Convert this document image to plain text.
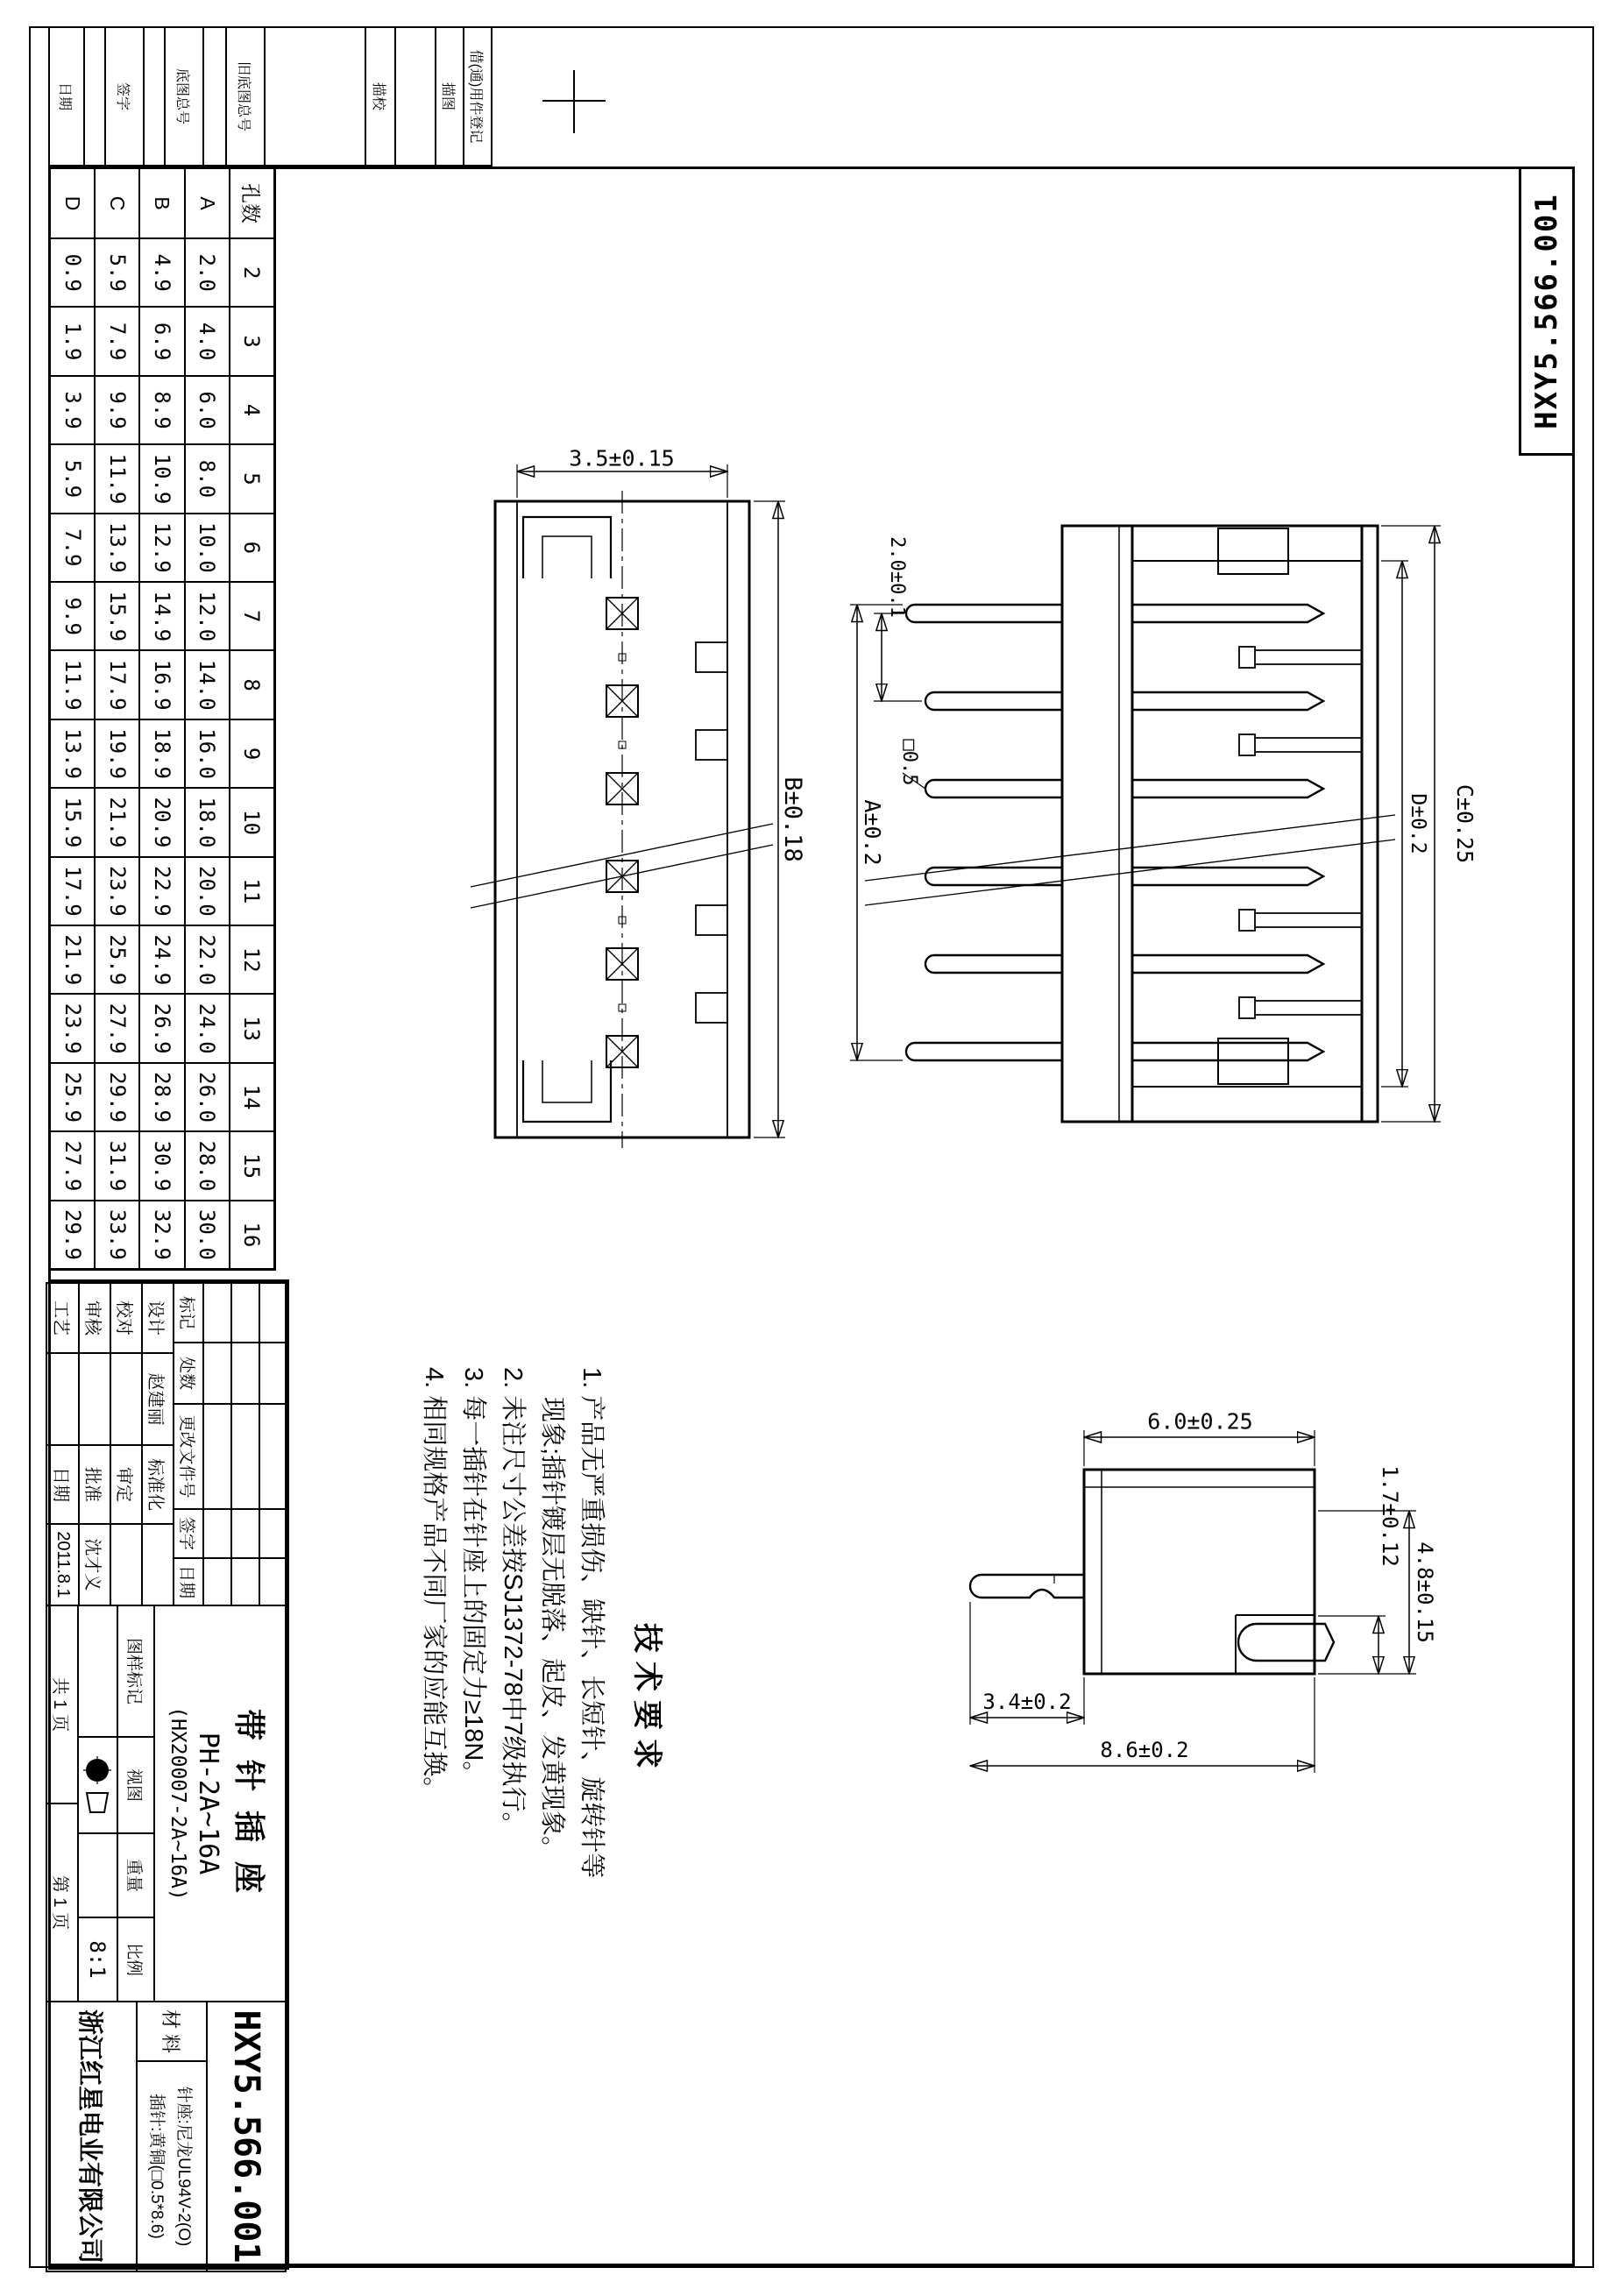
HXY5.566.001
借(通)用件登记
描图
描校
旧底图总号
底图总号
签字
日期
B±0.18
3.5±0.15
C±0.25
D±0.2
2.0±0.1
□0.5
A±0.2
6.0±0.25
4.8±0.15
1.7±0.12
3.4±0.2
8.6±0.2
技术要求
1. 产品无严重损伤、缺针、长短针、旋转针等
现象;插针镀层无脱落、起皮、发黄现象。
2. 未注尺寸公差按SJ1372-78中7级执行。
3. 每一插针在针座上的固定力≥18N。
4. 相同规格产品不同厂家的应能互换。
孔数
2
3
4
5
6
7
8
9
10
11
12
13
14
15
16
A
2.0
4.0
6.0
8.0
10.0
12.0
14.0
16.0
18.0
20.0
22.0
24.0
26.0
28.0
30.0
B
4.9
6.9
8.9
10.9
12.9
14.9
16.9
18.9
20.9
22.9
24.9
26.9
28.9
30.9
32.9
C
5.9
7.9
9.9
11.9
13.9
15.9
17.9
19.9
21.9
23.9
25.9
27.9
29.9
31.9
33.9
D
0.9
1.9
3.9
5.9
7.9
9.9
11.9
13.9
15.9
17.9
21.9
23.9
25.9
27.9
29.9
标记
处数
更改文件号
签字
日期
设计
赵建丽
标准化
校对
审定
审核
批准
沈才义
工艺
日期
2011.8.1
带 针 插 座
PH-2A~16A
(HX20007-2A~16A)
图样标记
视图
重量
比例
8:1
共 1 页
第 1 页
HXY5.566.001
材 料
针座:尼龙UL94V-2(O)
插针:黄铜(□0.5*8.6)
浙江红星电业有限公司
